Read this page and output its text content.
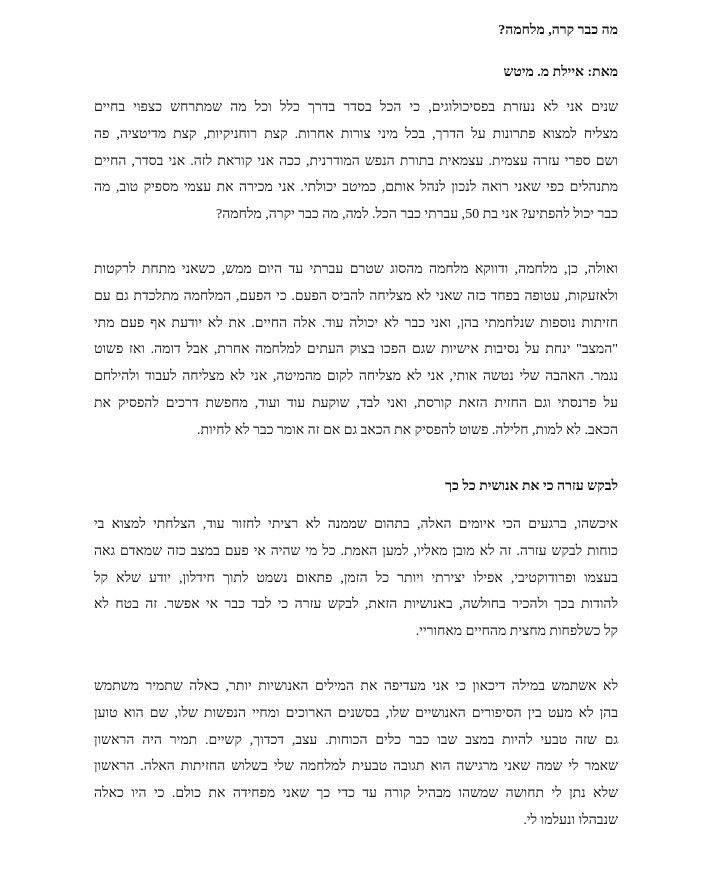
מה כבר קרה, מלחמה?
מאת: איילת מ. מיטש

שנים אני לא נעזרת בפסיכולוגים, כי הכל בסדר בדרך כלל וכל מה שמתרחש כצפוי בחיים
מצליח למצוא פתרונות על הדרך, בכל מיני צורות אחרות. קצת רוחניקיות, קצת מדיטציה, פה
ושם ספרי עזרה עצמית. עצמאית בתורת הנפש המודרנית, ככה אני קוראת לזה. אני בסדר, החיים
מתנהלים כפי שאני רואה לנכון לנהל אותם, כמיטב יכולתי. אני מכירה את עצמי מספיק טוב, מה
כבר יכול להפתיע? אני בת 50, עברתי כבר הכל. למה, מה כבר יקרה, מלחמה?

ואולה, כן, מלחמה, ודווקא מלחמה מהסוג שטרם עברתי עד היום ממש, כשאני מתחת לרקטות
ולאזעקות, עטופה בפחד כזה שאני לא מצליחה להביס הפעם. כי הפעם, המלחמה מתלכדת גם עם
חזיתות נוספות שנלחמתי בהן, ואני כבר לא יכולה עוד. אלה החיים. את לא יודעת אף פעם מתי
"המצב" ינחת על נסיבות אישיות שגם הפכו בצוק העתים למלחמה אחרת, אבל דומה. ואז פשוט
נגמר. האהבה שלי נטשה אותי, אני לא מצליחה לקום מהמיטה, אני לא מצליחה לעבוד ולהילחם
על פרנסתי וגם החזית הזאת קורסת, ואני לבד, שוקעת עוד ועוד, מחפשת דרכים להפסיק את
הכאב. לא למות, חלילה. פשוט להפסיק את הכאב גם אם זה אומר כבר לא לחיות.

לבקש עזרה כי את אנושית כל כך

איכשהו, ברגעים הכי איומים האלה, בתהום שממנה לא רציתי לחזור עוד, הצלחתי למצוא בי
כוחות לבקש עזרה. זה לא מובן מאליו, למען האמת. כל מי שהיה אי פעם במצב כזה שמאדם גאה
בעצמו ופרודוקטיבי, אפילו יצירתי ויותר כל הזמן, פתאום נשמט לתוך חידלון, יודע שלא קל
להודות בכך ולהכיר בחולשה, באנושיות הזאת, לבקש עזרה כי לבד כבר אי אפשר. זה בטח לא
קל כשלפחות מחצית מהחיים מאחוריי.

לא אשתמש במילה דיכאון כי אני מעדיפה את המילים האנושיות יותר, כאלה שתמיר משתמש
בהן לא מעט בין הסיפורים האנושיים שלו, בסשנים הארוכים ומחיי הנפשות שלו, שם הוא טוען
גם שזה טבעי להיות במצב שבו כבר כלים הכוחות. עצב, דכדוך, קשיים. תמיר היה הראשון
שאמר לי שמה שאני מרגישה הוא תגובה טבעית למלחמה שלי בשלוש החזיתות האלה. הראשון
שלא נתן לי תחושה שמשהו מבהיל קורה עד כדי כך שאני מפחידה את כולם. כי היו כאלה
שנבהלו ונעלמו לי.
